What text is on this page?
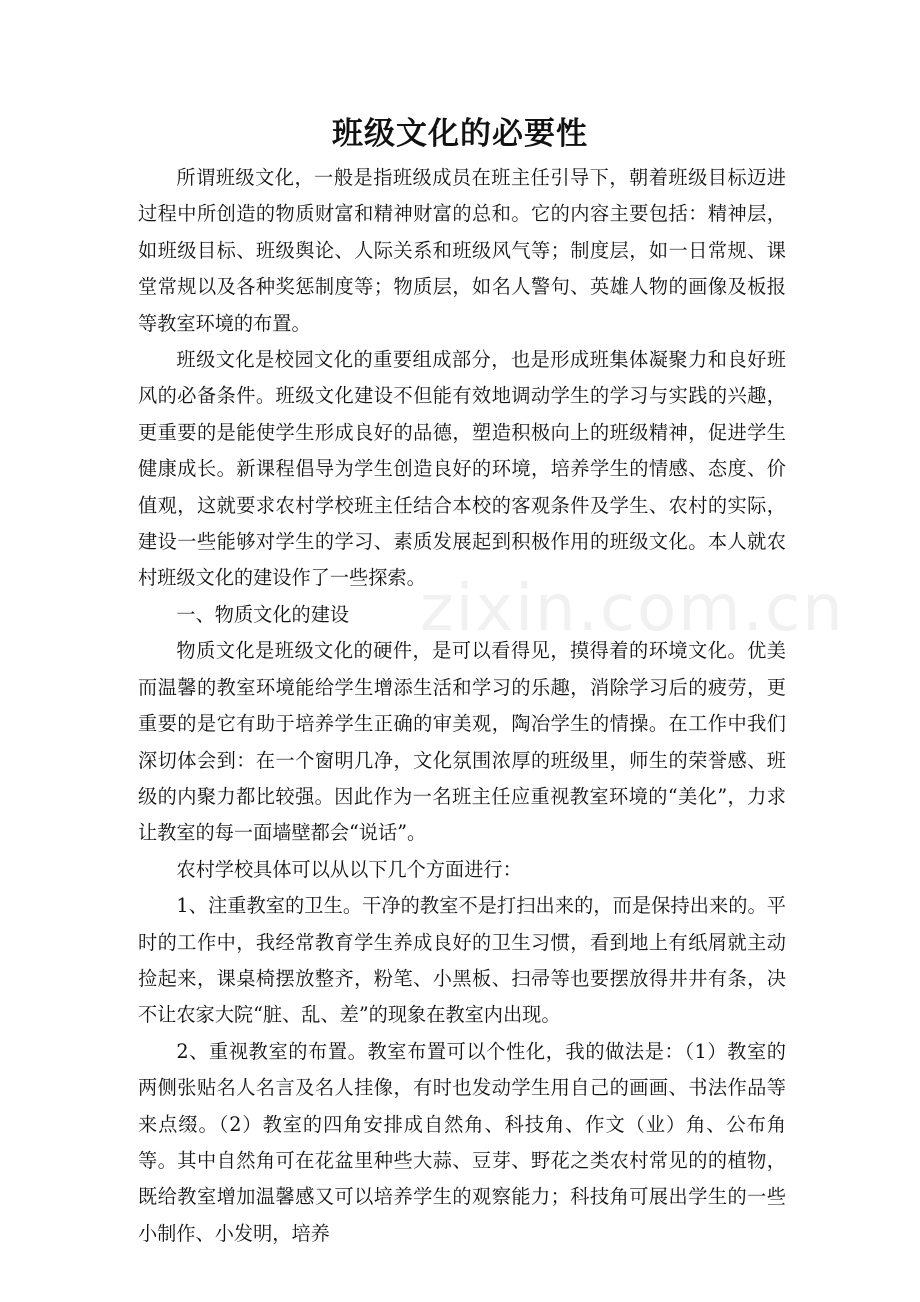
班级文化的必要性

所谓班级文化，一般是指班级成员在班主任引导下，朝着班级目标迈进过程中所创造的物质财富和精神财富的总和。它的内容主要包括：精神层，如班级目标、班级舆论、人际关系和班级风气等；制度层，如一日常规、课堂常规以及各种奖惩制度等；物质层，如名人警句、英雄人物的画像及板报等教室环境的布置。

班级文化是校园文化的重要组成部分，也是形成班集体凝聚力和良好班风的必备条件。班级文化建设不但能有效地调动学生的学习与实践的兴趣，更重要的是能使学生形成良好的品德，塑造积极向上的班级精神，促进学生健康成长。新课程倡导为学生创造良好的环境，培养学生的情感、态度、价值观，这就要求农村学校班主任结合本校的客观条件及学生、农村的实际，建设一些能够对学生的学习、素质发展起到积极作用的班级文化。本人就农村班级文化的建设作了一些探索。

一、物质文化的建设

物质文化是班级文化的硬件，是可以看得见，摸得着的环境文化。优美而温馨的教室环境能给学生增添生活和学习的乐趣，消除学习后的疲劳，更重要的是它有助于培养学生正确的审美观，陶冶学生的情操。在工作中我们深切体会到：在一个窗明几净，文化氛围浓厚的班级里，师生的荣誉感、班级的内聚力都比较强。因此作为一名班主任应重视教室环境的“美化”，力求让教室的每一面墙壁都会“说话”。

农村学校具体可以从以下几个方面进行：

1、注重教室的卫生。干净的教室不是打扫出来的，而是保持出来的。平时的工作中，我经常教育学生养成良好的卫生习惯，看到地上有纸屑就主动捡起来，课桌椅摆放整齐，粉笔、小黑板、扫帚等也要摆放得井井有条，决不让农家大院“脏、乱、差”的现象在教室内出现。

2、重视教室的布置。教室布置可以个性化，我的做法是：（1）教室的两侧张贴名人名言及名人挂像，有时也发动学生用自己的画画、书法作品等来点缀。（2）教室的四角安排成自然角、科技角、作文（业）角、公布角等。其中自然角可在花盆里种些大蒜、豆芽、野花之类农村常见的的植物，既给教室增加温馨感又可以培养学生的观察能力；科技角可展出学生的一些小制作、小发明，培养

zixin.com.cn
